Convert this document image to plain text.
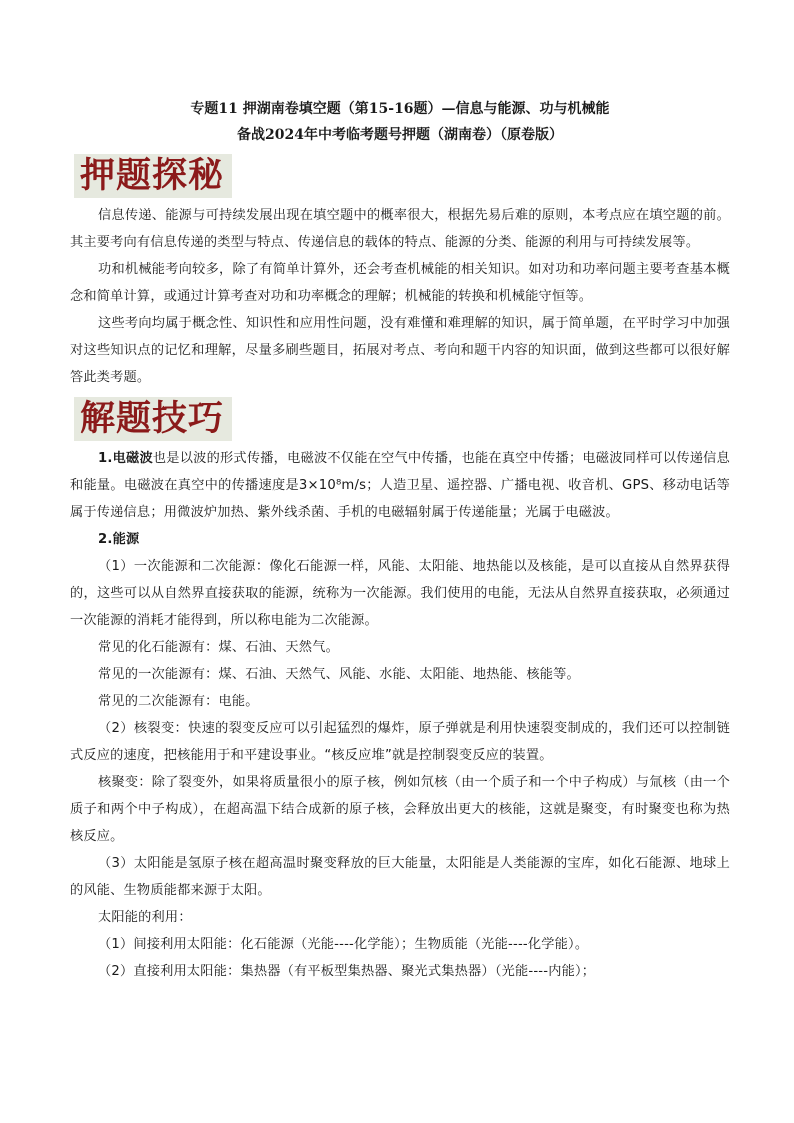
专题11 押湖南卷填空题（第15-16题）—信息与能源、功与机械能
备战2024年中考临考题号押题（湖南卷）（原卷版）
押题探秘

信息传递、能源与可持续发展出现在填空题中的概率很大，根据先易后难的原则，本考点应在填空题的前。其主要考向有信息传递的类型与特点、传递信息的载体的特点、能源的分类、能源的利用与可持续发展等。

功和机械能考向较多，除了有简单计算外，还会考查机械能的相关知识。如对功和功率问题主要考查基本概念和简单计算，或通过计算考查对功和功率概念的理解；机械能的转换和机械能守恒等。

这些考向均属于概念性、知识性和应用性问题，没有难懂和难理解的知识，属于简单题，在平时学习中加强对这些知识点的记忆和理解，尽量多刷些题目，拓展对考点、考向和题干内容的知识面，做到这些都可以很好解答此类考题。

解题技巧

1.电磁波也是以波的形式传播，电磁波不仅能在空气中传播，也能在真空中传播；电磁波同样可以传递信息和能量。电磁波在真空中的传播速度是3×10⁸m/s；人造卫星、遥控器、广播电视、收音机、GPS、移动电话等属于传递信息；用微波炉加热、紫外线杀菌、手机的电磁辐射属于传递能量；光属于电磁波。

2.能源

（1）一次能源和二次能源：像化石能源一样，风能、太阳能、地热能以及核能，是可以直接从自然界获得的，这些可以从自然界直接获取的能源，统称为一次能源。我们使用的电能，无法从自然界直接获取，必须通过一次能源的消耗才能得到，所以称电能为二次能源。

常见的化石能源有：煤、石油、天然气。

常见的一次能源有：煤、石油、天然气、风能、水能、太阳能、地热能、核能等。

常见的二次能源有：电能。

（2）核裂变：快速的裂变反应可以引起猛烈的爆炸，原子弹就是利用快速裂变制成的，我们还可以控制链式反应的速度，把核能用于和平建设事业。“核反应堆”就是控制裂变反应的装置。

核聚变：除了裂变外，如果将质量很小的原子核，例如氘核（由一个质子和一个中子构成）与氚核（由一个质子和两个中子构成），在超高温下结合成新的原子核，会释放出更大的核能，这就是聚变，有时聚变也称为热核反应。

（3）太阳能是氢原子核在超高温时聚变释放的巨大能量，太阳能是人类能源的宝库，如化石能源、地球上的风能、生物质能都来源于太阳。

太阳能的利用：

（1）间接利用太阳能：化石能源（光能----化学能）；生物质能（光能----化学能）。

（2）直接利用太阳能：集热器（有平板型集热器、聚光式集热器）（光能----内能）；
